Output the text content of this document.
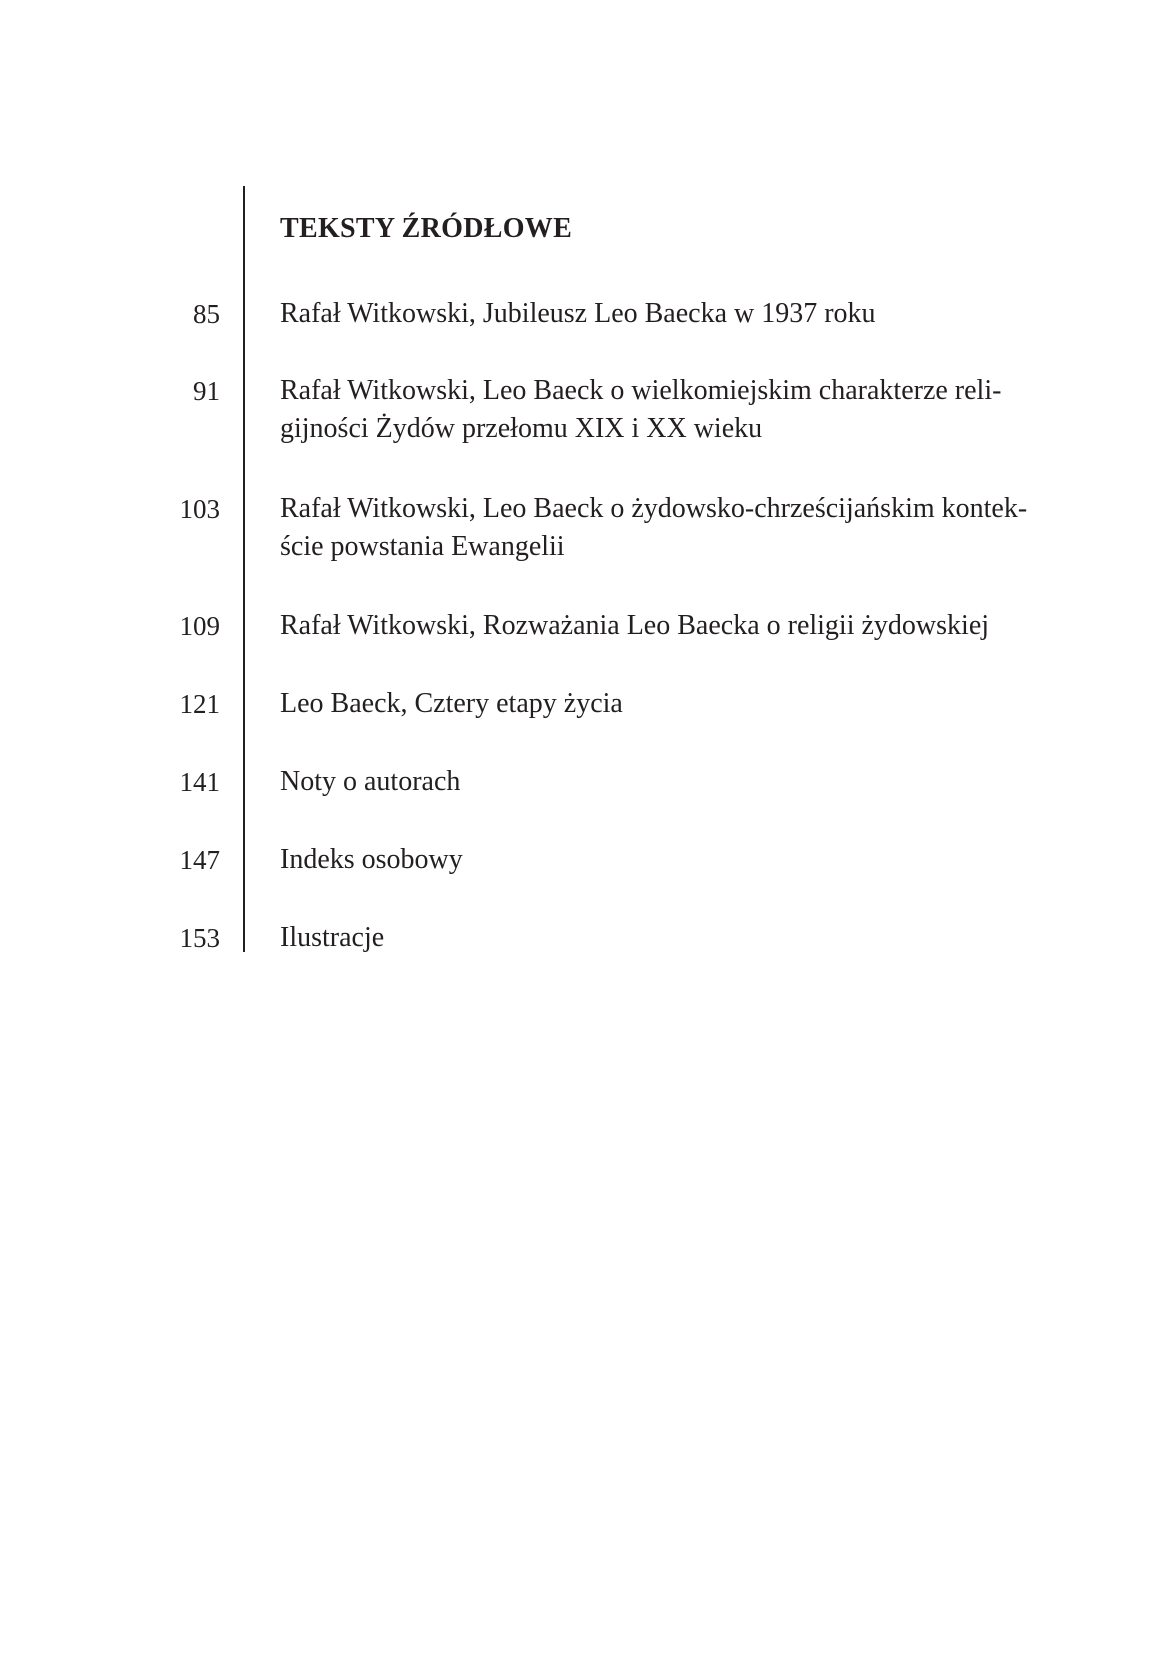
TEKSTY ŹRÓDŁOWE
85 Rafał Witkowski, Jubileusz Leo Baecka w 1937 roku
91 Rafał Witkowski, Leo Baeck o wielkomiejskim charakterze reli-
gijności Żydów przełomu XIX i XX wieku
103 Rafał Witkowski, Leo Baeck o żydowsko-chrześcijańskim kontek-
ście powstania Ewangelii
109 Rafał Witkowski, Rozważania Leo Baecka o religii żydowskiej
121 Leo Baeck, Cztery etapy życia
141 Noty o autorach
147 Indeks osobowy
153 Ilustracje
